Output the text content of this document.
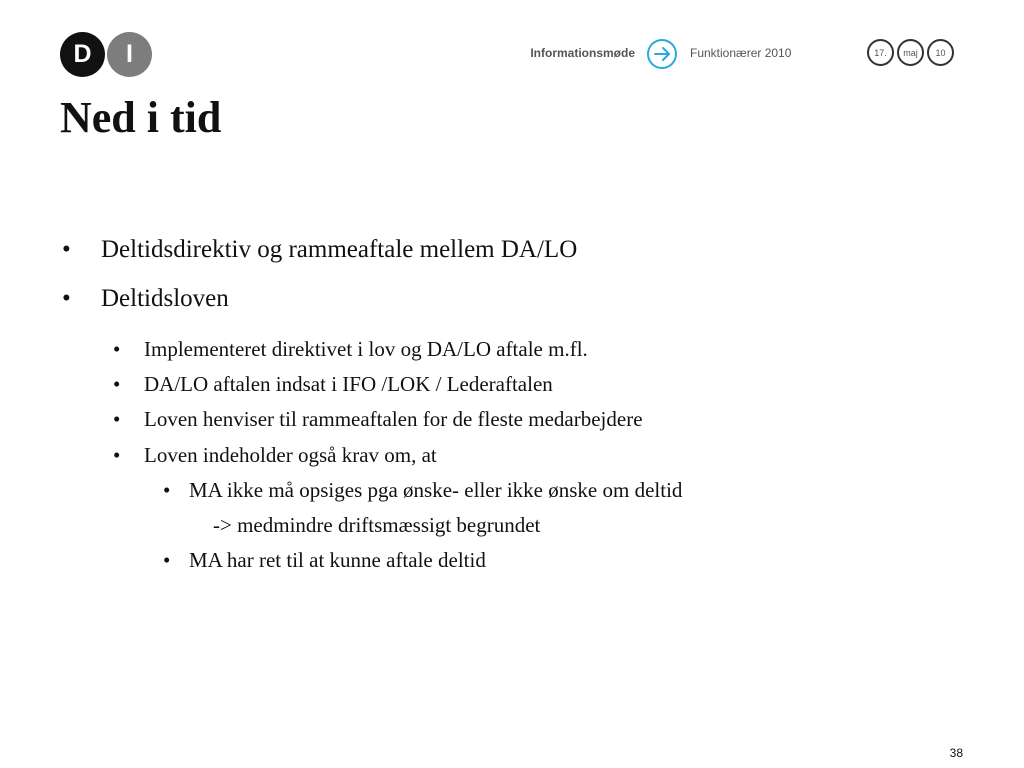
D	I	Informationsmøde	Funktionærer 2010	17.	maj	10
Ned i tid
•	Deltidsdirektiv og rammeaftale mellem DA/LO
•	Deltidsloven
•	Implementeret direktivet i lov og DA/LO aftale m.fl.
•	DA/LO aftalen indsat i IFO /LOK / Lederaftalen
•	Loven henviser til rammeaftalen for de fleste medarbejdere
•	Loven indeholder også krav om, at
• MA ikke må opsiges pga ønske- eller ikke ønske om deltid
-> medmindre driftsmæssigt begrundet
• MA har ret til at kunne aftale deltid
38
